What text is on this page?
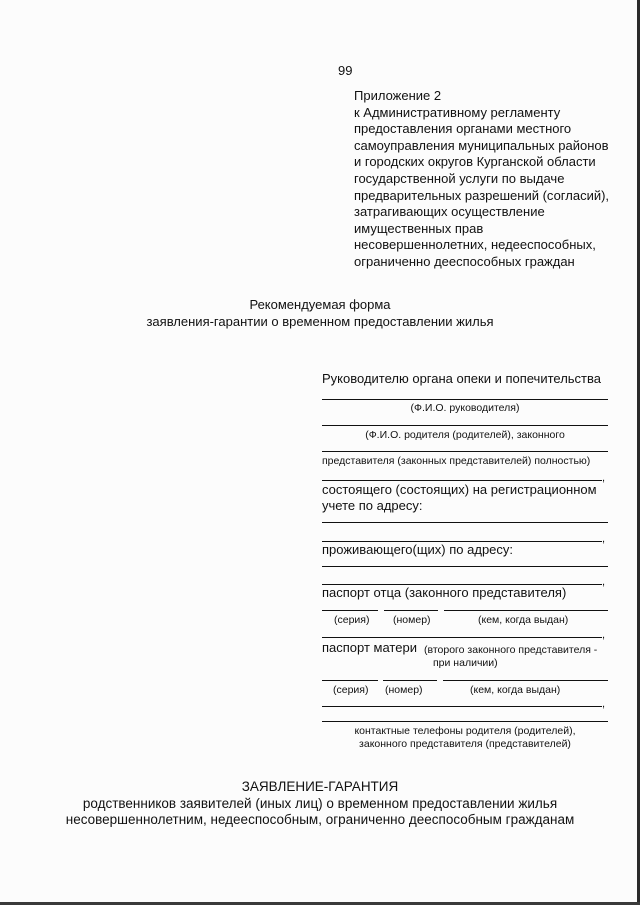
99
Приложение 2
к Административному регламенту
предоставления органами местного
самоуправления муниципальных районов
и городских округов Курганской области
государственной услуги по выдаче
предварительных разрешений (согласий),
затрагивающих осуществление
имущественных прав
несовершеннолетних, недееспособных,
ограниченно дееспособных граждан
Рекомендуемая форма
заявления-гарантии о временном предоставлении жилья
Руководителю органа опеки и попечительства
(Ф.И.О. руководителя)
(Ф.И.О. родителя (родителей), законного
представителя (законных представителей) полностью)
,
состоящего (состоящих) на регистрационном
учете по адресу:
,
проживающего(щих) по адресу:
,
паспорт отца (законного представителя)
(серия) (номер)	(кем, когда выдан)
,
паспорт матери (второго законного представителя -
при наличии)
(серия) (номер)	(кем, когда выдан)
,
контактные телефоны родителя (родителей),
законного представителя (представителей)
ЗАЯВЛЕНИЕ-ГАРАНТИЯ
родственников заявителей (иных лиц) о временном предоставлении жилья
несовершеннолетним, недееспособным, ограниченно дееспособным гражданам
